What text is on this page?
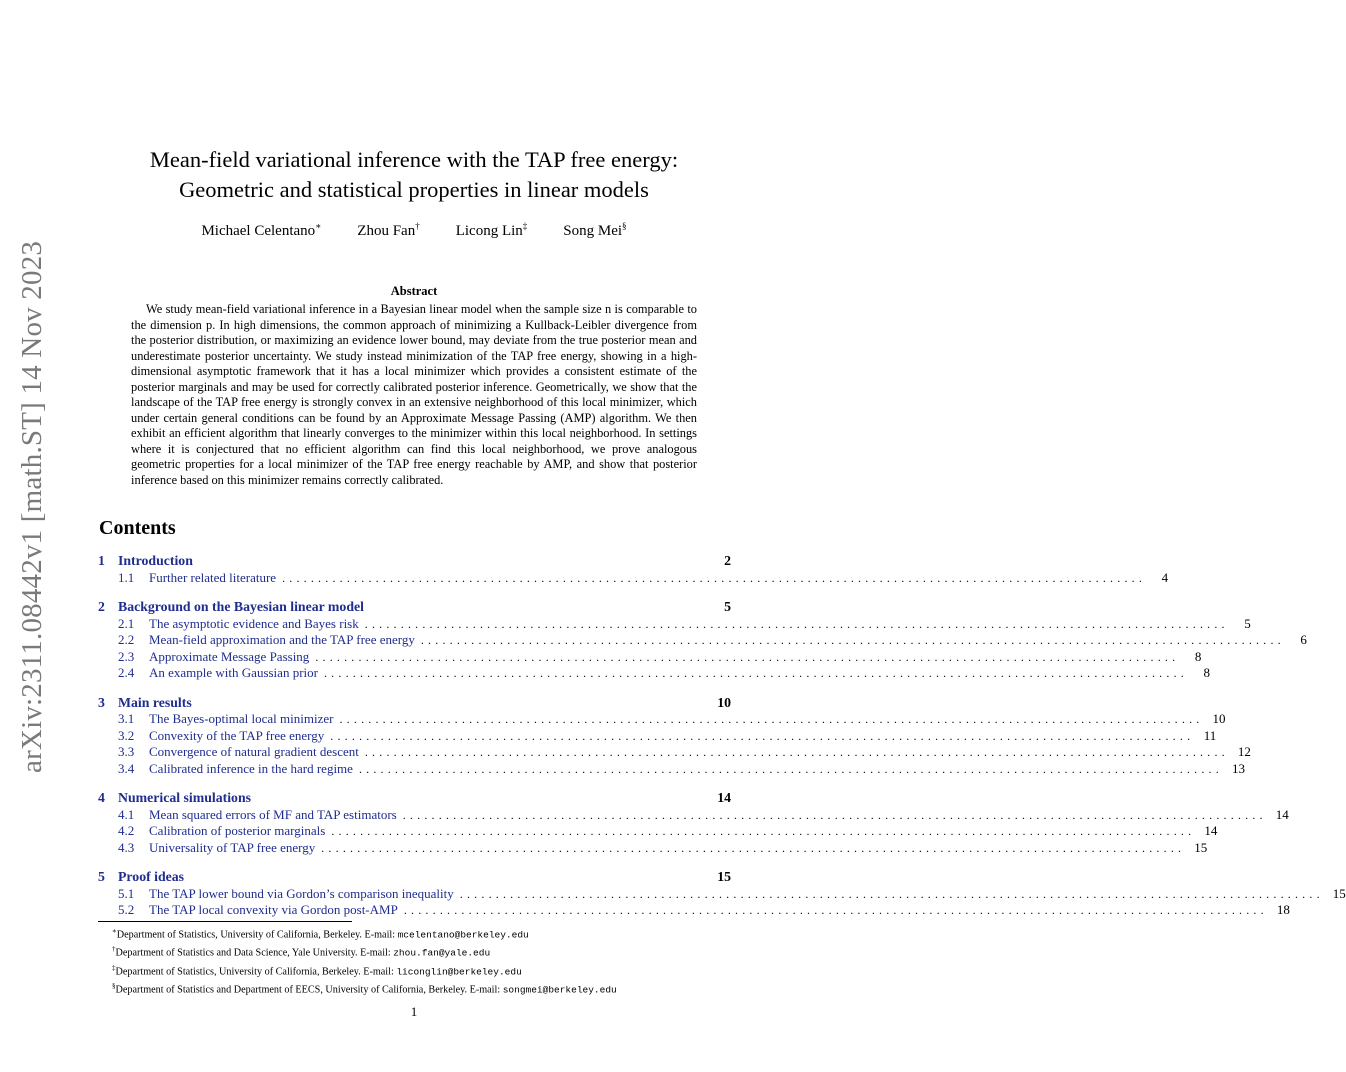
arXiv:2311.08442v1 [math.ST] 14 Nov 2023
Mean-field variational inference with the TAP free energy:
Geometric and statistical properties in linear models
Michael Celentano∗ Zhou Fan† Licong Lin‡ Song Mei§
Abstract
We study mean-field variational inference in a Bayesian linear model when the sample size n is comparable to the dimension p. In high dimensions, the common approach of minimizing a Kullback-Leibler divergence from the posterior distribution, or maximizing an evidence lower bound, may deviate from the true posterior mean and underestimate posterior uncertainty. We study instead minimization of the TAP free energy, showing in a high-dimensional asymptotic framework that it has a local minimizer which provides a consistent estimate of the posterior marginals and may be used for correctly calibrated posterior inference. Geometrically, we show that the landscape of the TAP free energy is strongly convex in an extensive neighborhood of this local minimizer, which under certain general conditions can be found by an Approximate Message Passing (AMP) algorithm. We then exhibit an efficient algorithm that linearly converges to the minimizer within this local neighborhood. In settings where it is conjectured that no efficient algorithm can find this local neighborhood, we prove analogous geometric properties for a local minimizer of the TAP free energy reachable by AMP, and show that posterior inference based on this minimizer remains correctly calibrated.
Contents
1 Introduction	2
1.1	Further related literature ........................................................................................................................	4
2 Background on the Bayesian linear model	5
2.1	The asymptotic evidence and Bayes risk ........................................................................................................................	5
2.2	Mean-field approximation and the TAP free energy ........................................................................................................................	6
2.3	Approximate Message Passing ........................................................................................................................	8
2.4	An example with Gaussian prior ........................................................................................................................	8
3 Main results	10
3.1	The Bayes-optimal local minimizer ........................................................................................................................ 10
3.2	Convexity of the TAP free energy ........................................................................................................................ 11
3.3	Convergence of natural gradient descent ........................................................................................................................ 12
3.4	Calibrated inference in the hard regime ........................................................................................................................ 13
4 Numerical simulations	14
4.1	Mean squared errors of MF and TAP estimators ........................................................................................................................ 14
4.2	Calibration of posterior marginals ........................................................................................................................ 14
4.3	Universality of TAP free energy ........................................................................................................................ 15
5 Proof ideas	15
5.1	The TAP lower bound via Gordon’s comparison inequality ........................................................................................................................ 15
5.2	The TAP local convexity via Gordon post-AMP ........................................................................................................................ 18
∗Department of Statistics, University of California, Berkeley. E-mail: mcelentano@berkeley.edu
†Department of Statistics and Data Science, Yale University. E-mail: zhou.fan@yale.edu
‡Department of Statistics, University of California, Berkeley. E-mail: liconglin@berkeley.edu
§Department of Statistics and Department of EECS, University of California, Berkeley. E-mail: songmei@berkeley.edu
1
